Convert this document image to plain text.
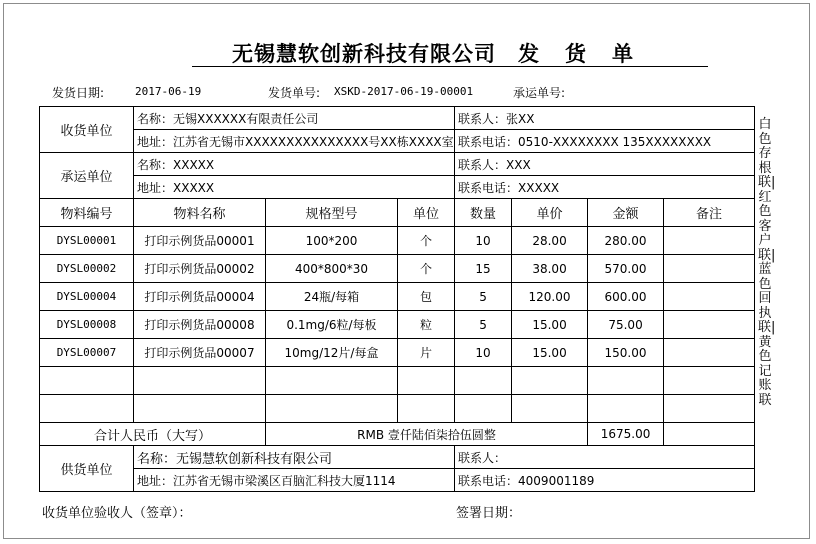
无锡慧软创新科技有限公司 发货单
发货日期:	2017-06-19	发货单号: XSKD-2017-06-19-00001	承运单号:
收货单位	名称：无锡XXXXXX有限责任公司			联系人：张XX			
	地址：江苏省无锡市XXXXXXXXXXXXXXX号XX栋XXXX室			联系电话：0510-XXXXXXXX 135XXXXXXXX			
承运单位	名称：XXXXX			联系人：XXX			
	地址：XXXXX			联系电话：XXXXX			
物料编号	物料名称	规格型号	单位	数量	单价	金额	备注
DYSL00001	打印示例货品00001	100*200	个	10	28.00	280.00	
DYSL00002	打印示例货品00002	400*800*30	个	15	38.00	570.00	
DYSL00004	打印示例货品00004	24瓶/每箱	包	5	120.00	600.00	
DYSL00008	打印示例货品00008	0.1mg/6粒/每板	粒	5	15.00	75.00	
DYSL00007	打印示例货品00007	10mg/12片/每盒	片	10	15.00	150.00	

合计人民币（大写）		RMB 壹仟陆佰柒拾伍圆整				1675.00	
供货单位	名称：无锡慧软创新科技有限公司			联系人：			
	地址：江苏省无锡市梁溪区百脑汇科技大厦1114			联系电话：4009001189			
白色存根联|红色客户联|蓝色回执联|黄色记账联
收货单位验收人（签章）：	签署日期：
